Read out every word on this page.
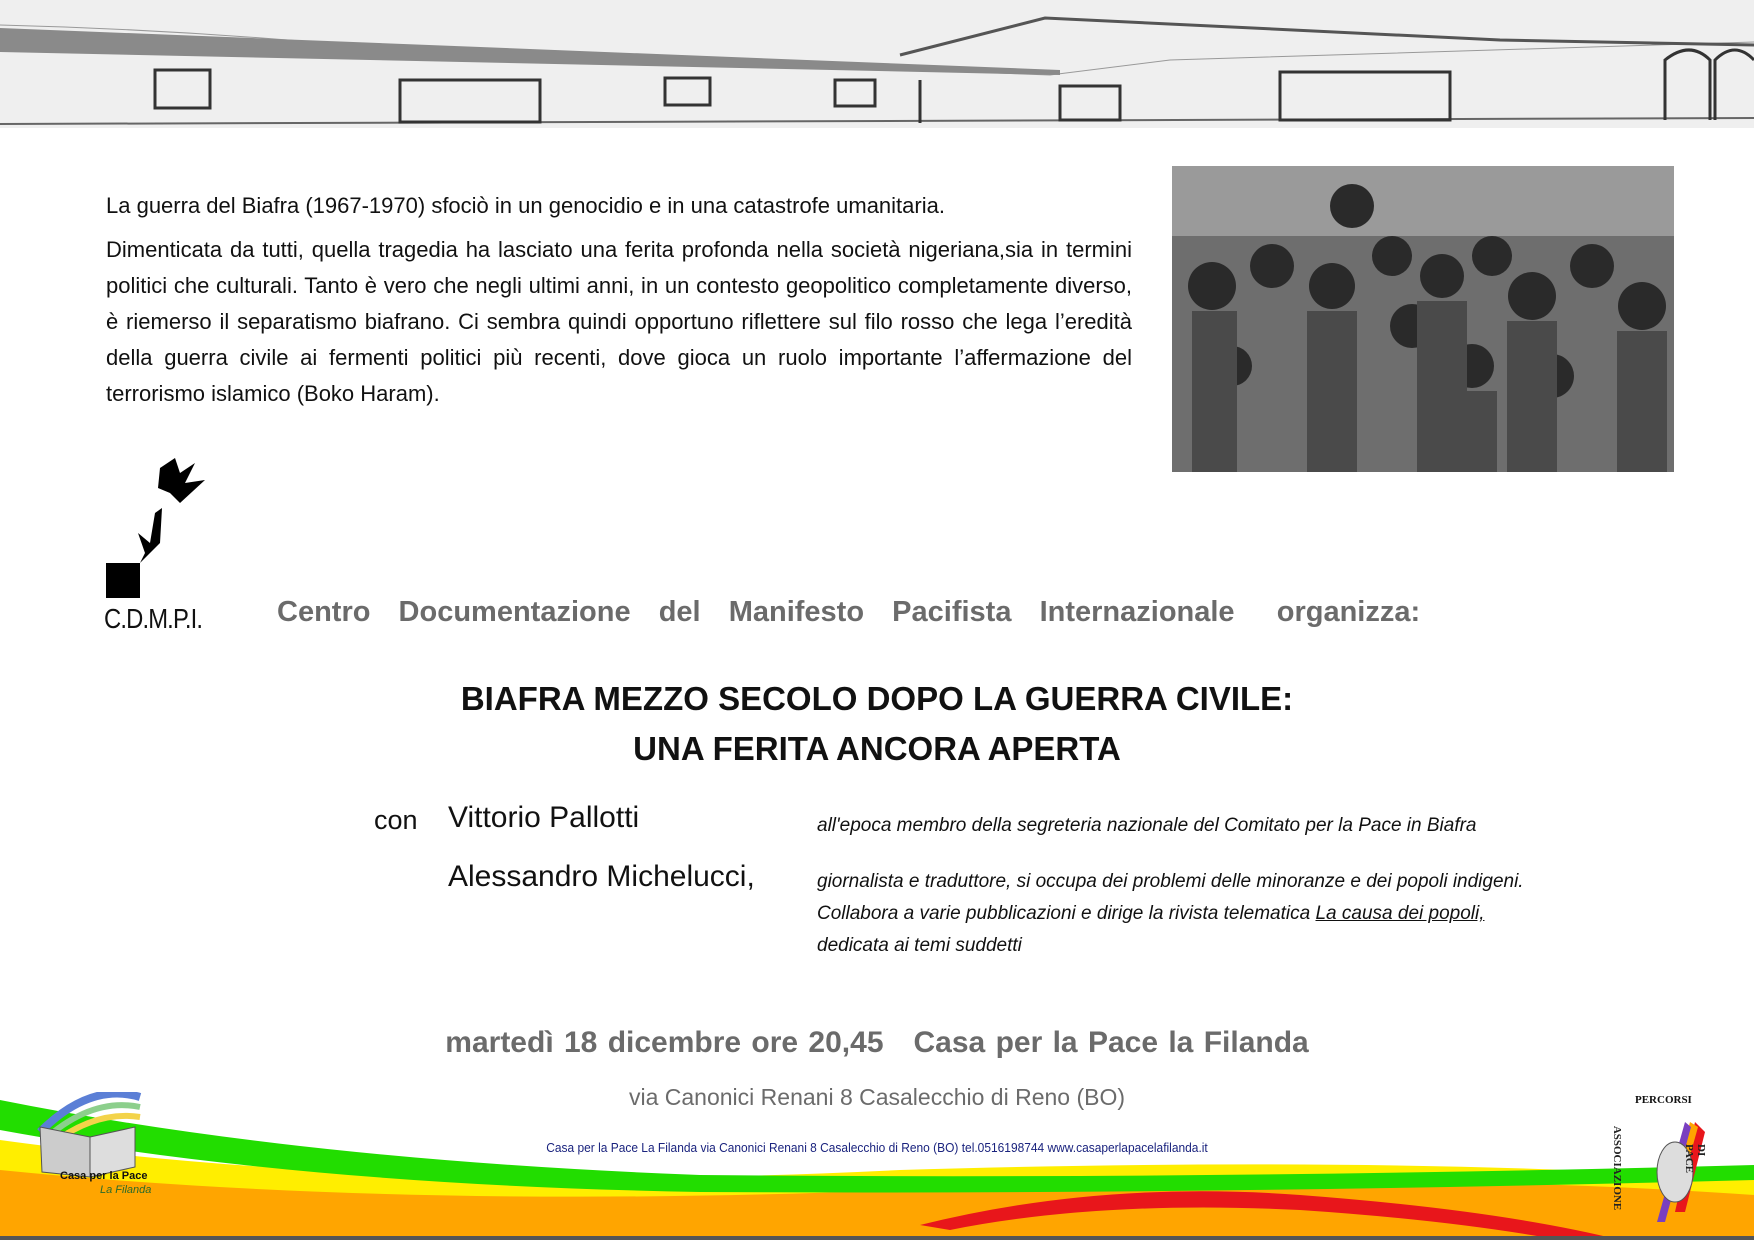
La guerra del Biafra (1967-1970) sfociò in un genocidio e in una catastrofe umanitaria.

Dimenticata da tutti, quella tragedia ha lasciato una ferita profonda nella società nigeriana,sia in termini politici che culturali. Tanto è vero che negli ultimi anni, in un contesto geopolitico completamente diverso, è riemerso il separatismo biafrano. Ci sembra quindi opportuno riflettere sul filo rosso che lega l’eredità della guerra civile ai fermenti politici più recenti, dove gioca un ruolo importante l’affermazione del terrorismo islamico (Boko Haram).

C.D.M.P.I.	Centro  Documentazione  del  Manifesto  Pacifista  Internazionale   organizza:
BIAFRA MEZZO SECOLO DOPO LA GUERRA CIVILE:
UNA FERITA ANCORA APERTA
con Vittorio Pallotti	all'epoca membro della segreteria nazionale del Comitato per la Pace in Biafra
Alessandro Michelucci,	giornalista e traduttore, si occupa dei problemi delle minoranze e dei popoli indigeni.
Collabora a varie pubblicazioni e dirige la rivista telematica La causa dei popoli,
dedicata ai temi suddetti
martedì 18 dicembre ore 20,45 Casa per la Pace la Filanda
via Canonici Renani 8 Casalecchio di Reno (BO)
Casa per la Pace La Filanda via Canonici Renani 8 Casalecchio di Reno (BO) tel.0516198744 www.casaperlapacelafilanda.it
Casa per la Pace
La Filanda
PERCORSI
ASSOCIAZIONE	DI PACE
